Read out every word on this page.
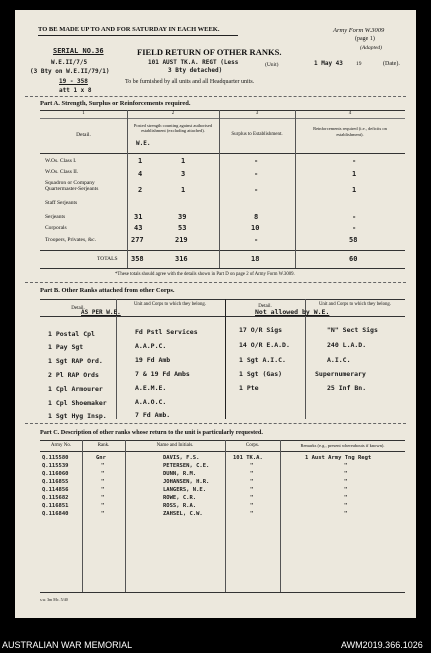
TO BE MADE UP TO AND FOR SATURDAY IN EACH WEEK.	Army Form W.3009
(page 1)
(Adapted)
SERIAL NO.36	FIELD RETURN OF OTHER RANKS.
W.E.II/7/5
(3 Bty on W.E.II/79/1)
19 - 358
att 1 x 8
101 AUST TK.A. REGT (Less
3 Bty detached)
(Unit)	1 May 43 19	(Date).
To be furnished by all units and all Headquarter units.
Part A. Strength, Surplus or Reinforcements required.
1	2	3	4
Detail.
Posted strength counting against authorised establishment (excluding attached).
W.E.
Surplus to Establishment.
Reinforcements required (i.e., deficits on establishment).
W.Os. Class I.	1	1	-	-
W.Os. Class II.	4	3	-	1
Squadron or Company Quartermaster-Serjeants	2	1	-	1
Staff Serjeants
Serjeants	31	39	8	-
Corporals	43	53	10	-
Troopers, Privates, &c.	277	219	-	58
TOTALS 358	316	18	60
*These totals should agree with the details shown in Part D on page 2 of Army Form W.3009.
Part B. Other Ranks attached from other Corps.
Detail.
Unit and Corps to which they belong.	Detail.	Unit and Corps to which they belong.
AS PER W.E.	Not allowed by W.E.
1 Postal Cpl	Fd Pstl Services
1 Pay Sgt	A.A.P.C.
1 Sgt RAP Ord.	19 Fd Amb
2 Pl RAP Ords	7 & 19 Fd Ambs
1 Cpl Armourer	A.E.M.E.
1 Cpl Shoemaker	A.A.O.C.
1 Sgt Hyg Insp.	7 Fd Amb.
17 O/R Sigs	"N" Sect Sigs
14 O/R E.A.D.	240 L.A.D.
1 Sgt A.I.C.	A.I.C.
1 Sgt (Gas)	Supernumerary
1 Pte	25 Inf Bn.
Part C. Description of other ranks whose return to the unit is particularly requested.
Army No.	Rank.	Name and Initials.	Corps.	Remarks (e.g., present whereabouts if known).
Q.115580	Gnr	DAVIS, F.S.	101 TK.A.	1 Aust Army Tng Regt
Q.115539	"	PETERSEN, C.E.	"	"
Q.116060	"	DUNN, R.M.	"	"
Q.116855	"	JOHANSEN, H.R.	"	"
Q.114856	"	LANGERS, N.E.	"	"
Q.115682	"	ROWE, C.R.	"	"
Q.116851	"	ROSS, R.A.	"	"
Q.116840	"	ZAHSEL, C.W.	"	"
s.w. 3m Mc. 5/40
AUSTRALIAN WAR MEMORIAL	AWM2019.366.1026
